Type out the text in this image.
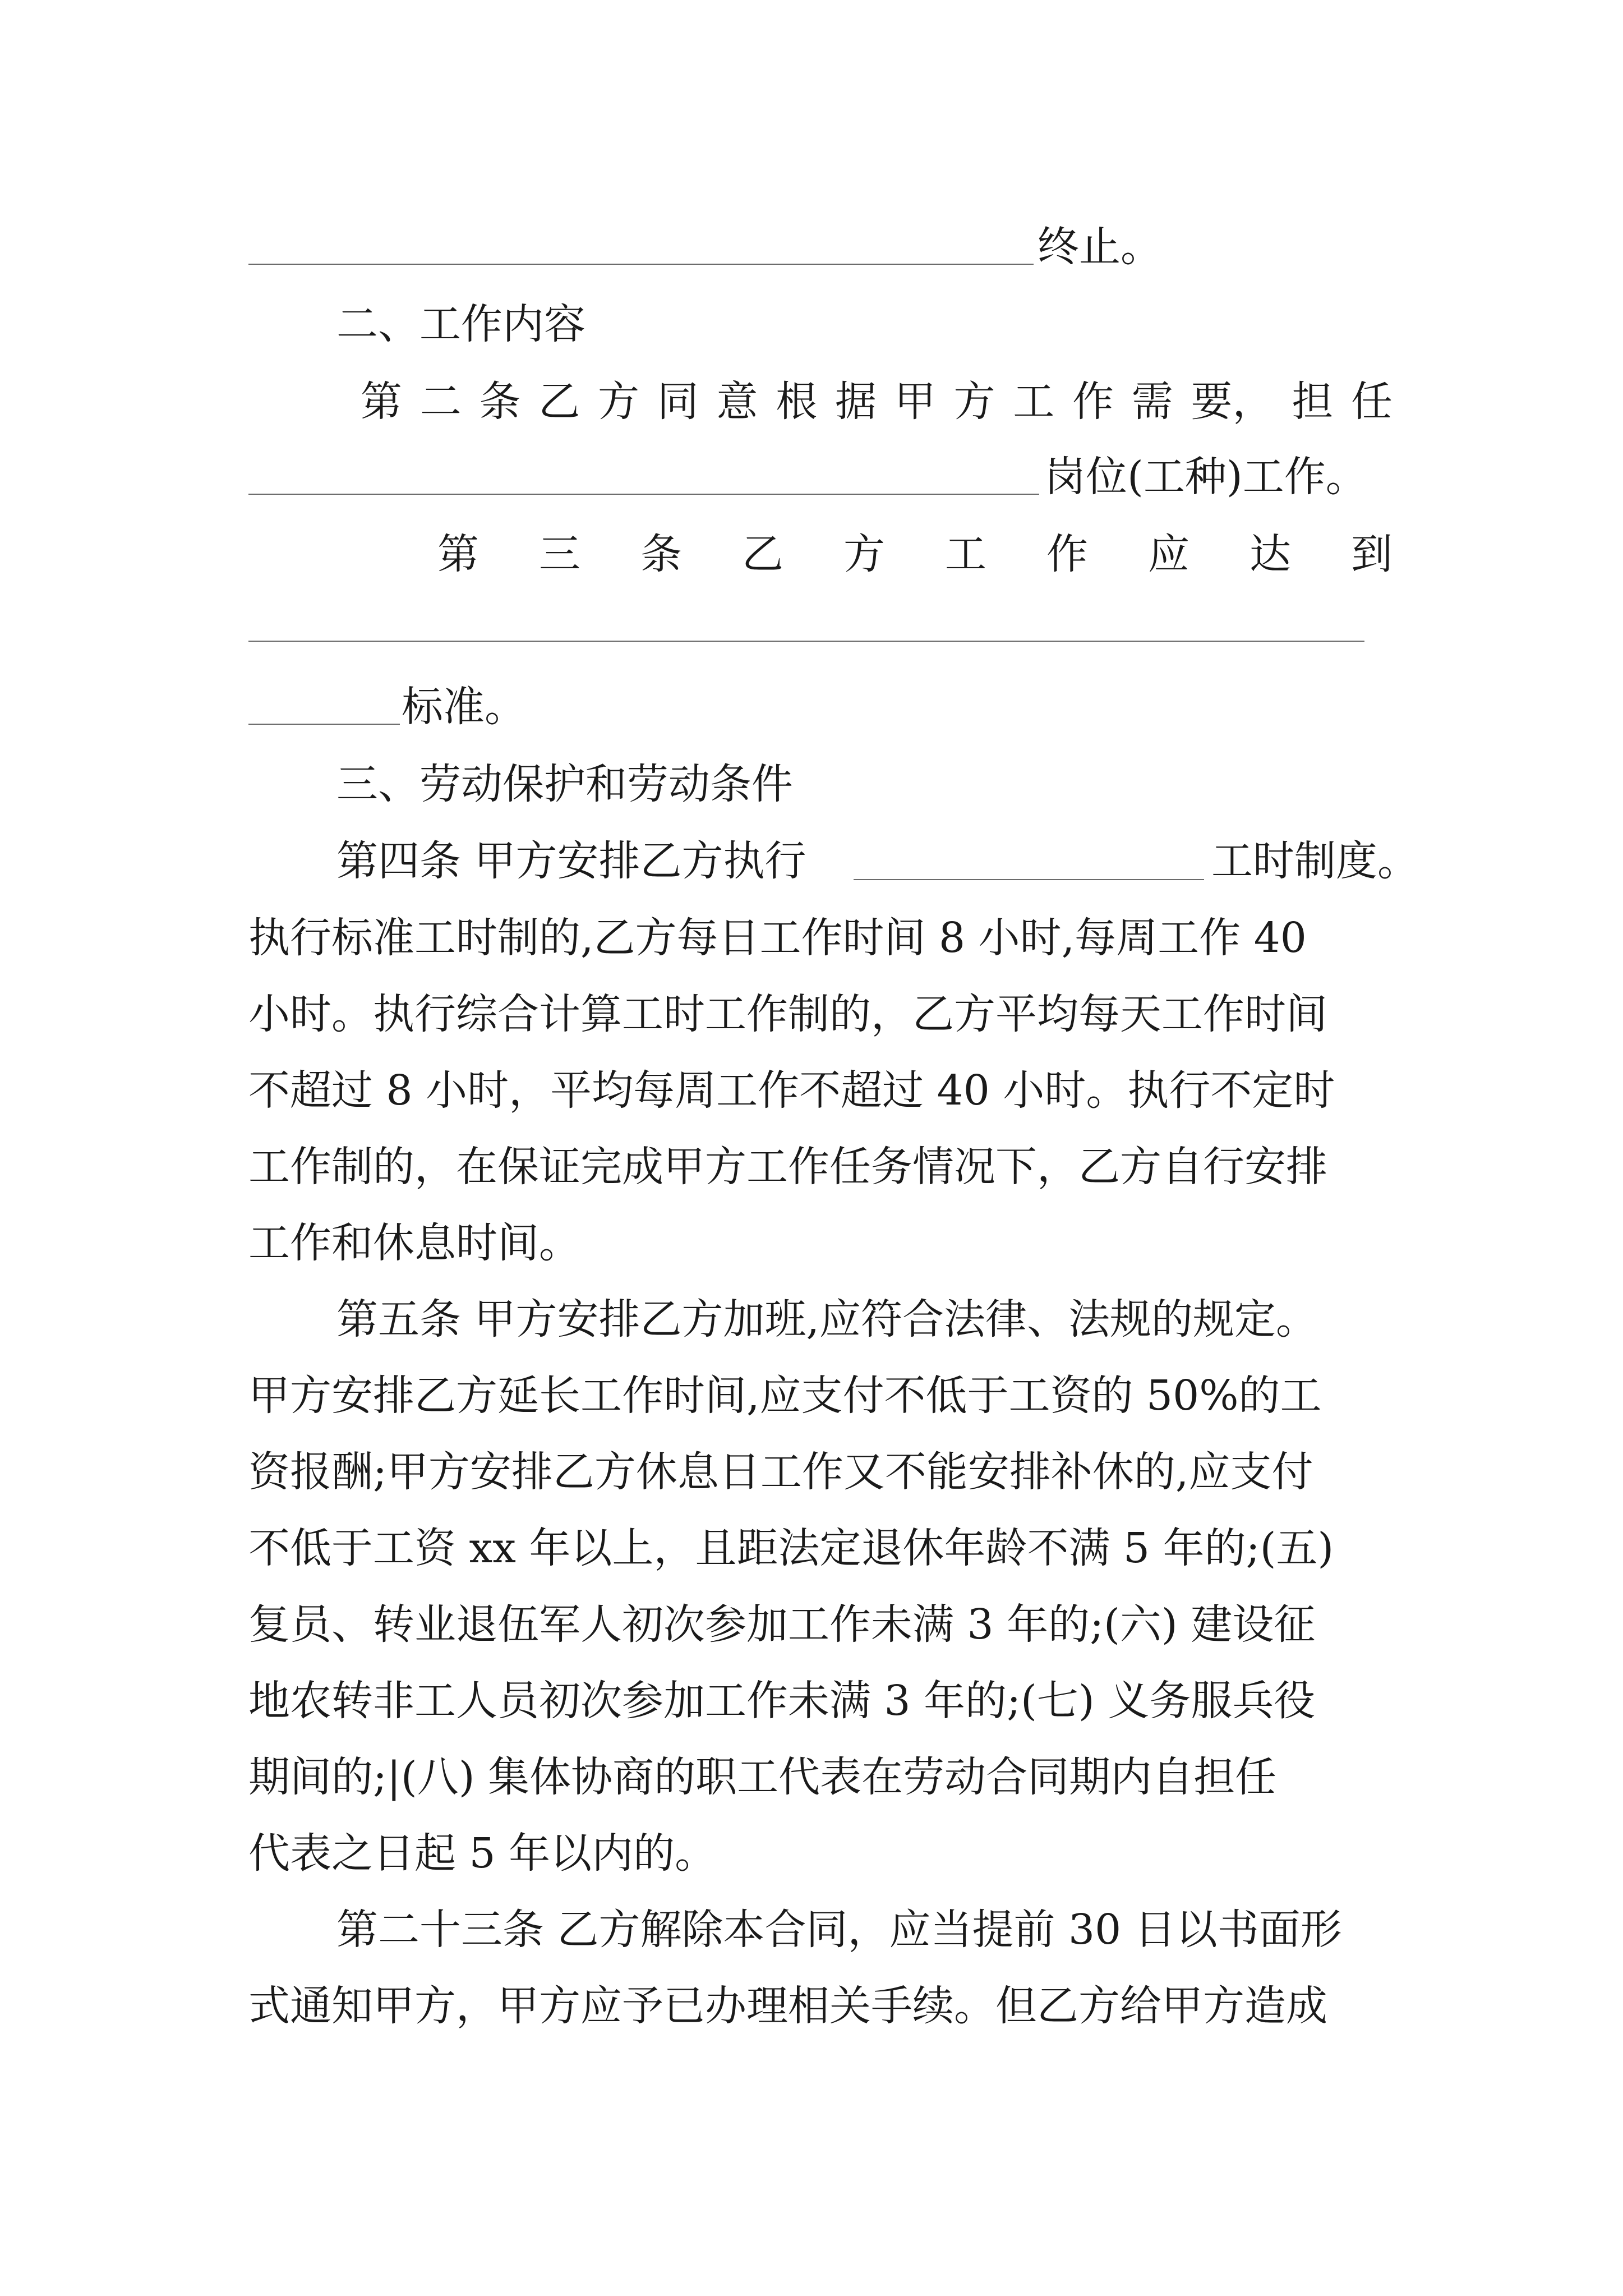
终止。
二、工作内容
第 二 条 乙 方 同 意 根 据 甲 方 工 作 需 要， 担 任
岗位(工种)工作。
第 三 条 乙 方 工 作 应 达 到
标准。
三、劳动保护和劳动条件
第四条 甲方安排乙方执行	工时制度。
执行标准工时制的,乙方每日工作时间 8 小时,每周工作 40
小时。执行综合计算工时工作制的，乙方平均每天工作时间
不超过 8 小时，平均每周工作不超过 40 小时。执行不定时
工作制的，在保证完成甲方工作任务情况下，乙方自行安排
工作和休息时间。
第五条 甲方安排乙方加班,应符合法律、法规的规定。
甲方安排乙方延长工作时间,应支付不低于工资的 50%的工
资报酬;甲方安排乙方休息日工作又不能安排补休的,应支付
不低于工资 xx 年以上，且距法定退休年龄不满 5 年的;(五)
复员、转业退伍军人初次参加工作未满 3 年的;(六) 建设征
地农转非工人员初次参加工作未满 3 年的;(七) 义务服兵役
期间的;|(八) 集体协商的职工代表在劳动合同期内自担任
代表之日起 5 年以内的。
第二十三条 乙方解除本合同，应当提前 30 日以书面形
式通知甲方，甲方应予已办理相关手续。但乙方给甲方造成
